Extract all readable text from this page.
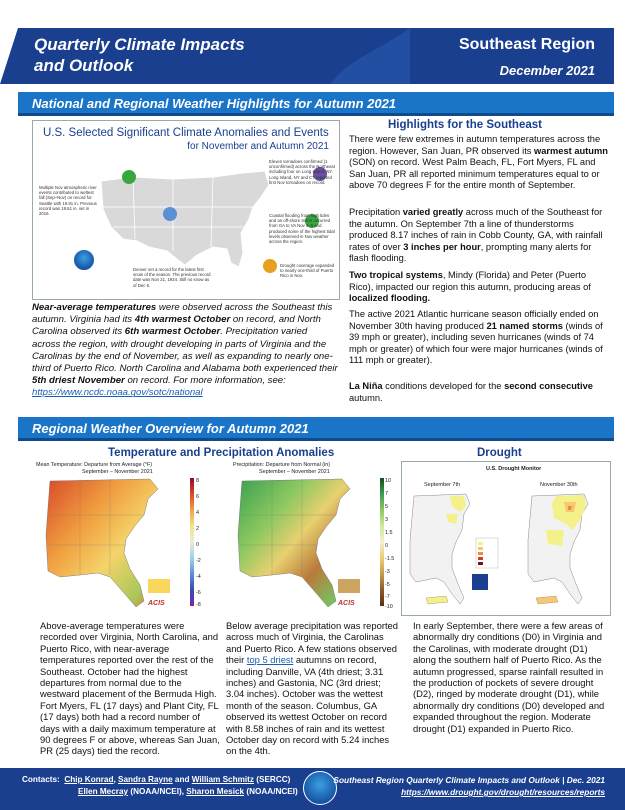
Quarterly Climate Impacts
and Outlook
Southeast Region
December 2021
National and Regional Weather Highlights for Autumn 2021
U.S. Selected Significant Climate Anomalies and Events
for November and Autumn 2021
Multiple Nov atmospheric river events contributed to wettest fall (Sep–Nov) on record for Seattle with 19.91 in. Previous record was 18.61 in. set in 2016.
Eleven tornadoes confirmed (1 unconfirmed) across the Northeast including four on Long Island, NY. Long Island, NY and CT reported first Nov tornadoes on record.
Coastal flooding from high tides and an off-shore storm occurred from GA to VA Nov 4–6 and produced some of the highest tidal levels observed in Nov weather across the region.
Denver set a record for the latest first snow of the season. The previous record date was Nov 21, 1934. Still no snow as of Dec 6.
Drought coverage expanded to nearly one-third of Puerto Rico in Nov.
Near-average temperatures were observed across the Southeast this autumn. Virginia had its 4th warmest October on record, and North Carolina observed its 6th warmest October. Precipitation varied across the region, with drought developing in parts of Virginia and the Carolinas by the end of November, as well as expanding to nearly one-third of Puerto Rico. North Carolina and Alabama both experienced their 5th driest November on record. For more information, see: https://www.ncdc.noaa.gov/sotc/national
Highlights for the Southeast
There were few extremes in autumn temperatures across the region. However, San Juan, PR observed its warmest autumn (SON) on record. West Palm Beach, FL, Fort Myers, FL and San Juan, PR all reported minimum temperatures equal to or above 70 degrees F for the entire month of September.
Precipitation varied greatly across much of the Southeast for the autumn. On September 7th a line of thunderstorms produced 8.17 inches of rain in Cobb County, GA, with rainfall rates of over 3 inches per hour, prompting many alerts for flash flooding.
Two tropical systems, Mindy (Florida) and Peter (Puerto Rico), impacted our region this autumn, producing areas of localized flooding.
The active 2021 Atlantic hurricane season officially ended on November 30th having produced 21 named storms (winds of 39 mph or greater), including seven hurricanes (winds of 74 mph or greater) of which four were major hurricanes (winds of 111 mph or greater).
La Niña conditions developed for the second consecutive autumn.
Regional Weather Overview for Autumn 2021
Temperature and Precipitation Anomalies	Drought
Mean Temperature: Departure from Average (°F)
September – November 2021
ACIS
8
6
4
2
0
-2
-4
-6
-8
Precipitation: Departure from Normal (in)
September – November 2021
ACIS
10
7
5
3
1.5
0
-1.5
-3
-5
-7
-10
U.S. Drought Monitor
September 7th	November 30th
Above-average temperatures were recorded over Virginia, North Carolina, and Puerto Rico, with near-average temperatures reported over the rest of the Southeast. October had the highest departures from normal due to the westward placement of the Bermuda High. Fort Myers, FL (17 days) and Plant City, FL (17 days) both had a record number of days with a daily maximum temperature at 90 degrees F or above, whereas San Juan, PR (25 days) tied the record.
Below average precipitation was reported across much of Virginia, the Carolinas and Puerto Rico. A few stations observed their top 5 driest autumns on record, including Danville, VA (4th driest; 3.31 inches) and Gastonia, NC (3rd driest; 3.04 inches). October was the wettest month of the season. Columbus, GA observed its wettest October on record with 8.58 inches of rain and its wettest October day on record with 5.24 inches on the 4th.
In early September, there were a few areas of abnormally dry conditions (D0) in Virginia and the Carolinas, with moderate drought (D1) along the southern half of Puerto Rico. As the autumn progressed, sparse rainfall resulted in the production of pockets of severe drought (D2), ringed by moderate drought (D1), while abnormally dry conditions (D0) developed and expanded throughout the region. Moderate drought (D1) expanded in Puerto Rico.
Contacts: Chip Konrad, Sandra Rayne and William Schmitz (SERCC)
Ellen Mecray (NOAA/NCEI), Sharon Mesick (NOAA/NCEI)
Southeast Region Quarterly Climate Impacts and Outlook | Dec. 2021
https://www.drought.gov/drought/resources/reports
